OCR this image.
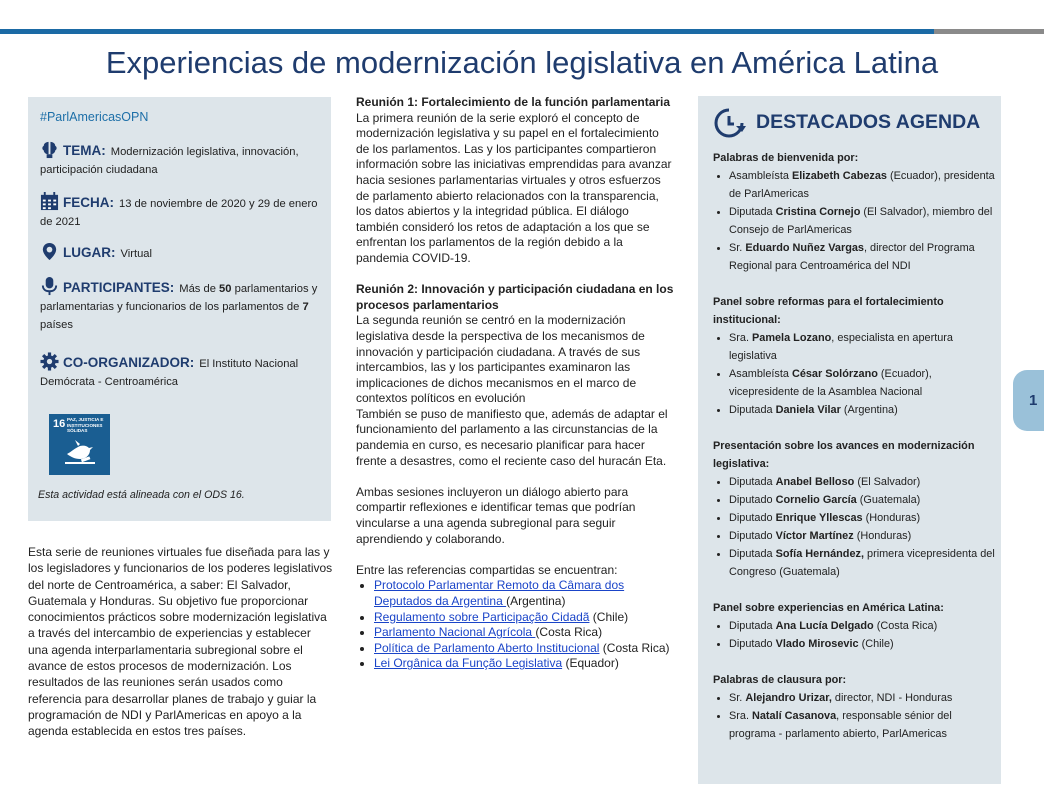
Experiencias de modernización legislativa en América Latina
#ParlAmericasOPN
TEMA: Modernización legislativa, innovación, participación ciudadana
FECHA: 13 de noviembre de 2020 y 29 de enero de 2021
LUGAR: Virtual
PARTICIPANTES: Más de 50 parlamentarios y parlamentarias y funcionarios de los parlamentos de 7 países
CO-ORGANIZADOR: El Instituto Nacional Demócrata - Centroamérica
16 PAZ, JUSTICIA E INSTITUCIONES SÓLIDAS
Esta actividad está alineada con el ODS 16.
Esta serie de reuniones virtuales fue diseñada para las y los legisladores y funcionarios de los poderes legislativos del norte de Centroamérica, a saber: El Salvador, Guatemala y Honduras. Su objetivo fue proporcionar conocimientos prácticos sobre modernización legislativa a través del intercambio de experiencias y establecer una agenda interparlamentaria subregional sobre el avance de estos procesos de modernización. Los resultados de las reuniones serán usados como referencia para desarrollar planes de trabajo y guiar la programación de NDI y ParlAmericas en apoyo a la agenda establecida en estos tres países.

Reunión 1: Fortalecimiento de la función parlamentaria

La primera reunión de la serie exploró el concepto de modernización legislativa y su papel en el fortalecimiento de los parlamentos. Las y los participantes compartieron información sobre las iniciativas emprendidas para avanzar hacia sesiones parlamentarias virtuales y otros esfuerzos de parlamento abierto relacionados con la transparencia, los datos abiertos y la integridad pública. El diálogo también consideró los retos de adaptación a los que se enfrentan los parlamentos de la región debido a la pandemia COVID-19.

Reunión 2: Innovación y participación ciudadana en los procesos parlamentarios

La segunda reunión se centró en la modernización legislativa desde la perspectiva de los mecanismos de innovación y participación ciudadana. A través de sus intercambios, las y los participantes examinaron las implicaciones de dichos mecanismos en el marco de contextos políticos en evolución

También se puso de manifiesto que, además de adaptar el funcionamiento del parlamento a las circunstancias de la pandemia en curso, es necesario planificar para hacer frente a desastres, como el reciente caso del huracán Eta.

Ambas sesiones incluyeron un diálogo abierto para compartir reflexiones e identificar temas que podrían vincularse a una agenda subregional para seguir aprendiendo y colaborando.

Entre las referencias compartidas se encuentran:

• Protocolo Parlamentar Remoto da Câmara dos Deputados da Argentina (Argentina)
• Regulamento sobre Participação Cidadã (Chile)
• Parlamento Nacional Agrícola (Costa Rica)
• Política de Parlamento Aberto Institucional (Costa Rica)
• Lei Orgânica da Função Legislativa (Equador)
DESTACADOS AGENDA
Palabras de bienvenida por:
• Asambleísta Elizabeth Cabezas (Ecuador), presidenta de ParlAmericas
• Diputada Cristina Cornejo (El Salvador), miembro del Consejo de ParlAmericas
• Sr. Eduardo Nuñez Vargas, director del Programa Regional para Centroamérica del NDI
Panel sobre reformas para el fortalecimiento institucional:
• Sra. Pamela Lozano, especialista en apertura legislativa
• Asambleísta César Solórzano (Ecuador), vicepresidente de la Asamblea Nacional
• Diputada Daniela Vilar (Argentina)
Presentación sobre los avances en modernización legislativa:
• Diputada Anabel Belloso (El Salvador)
• Diputado Cornelio García (Guatemala)
• Diputado Enrique Yllescas (Honduras)
• Diputado Víctor Martínez (Honduras)
• Diputada Sofía Hernández, primera vicepresidenta del Congreso (Guatemala)
Panel sobre experiencias en América Latina:
• Diputada Ana Lucía Delgado (Costa Rica)
• Diputado Vlado Mirosevic (Chile)
Palabras de clausura por:
• Sr. Alejandro Urizar, director, NDI - Honduras
• Sra. Natalí Casanova, responsable sénior del programa - parlamento abierto, ParlAmericas
1
